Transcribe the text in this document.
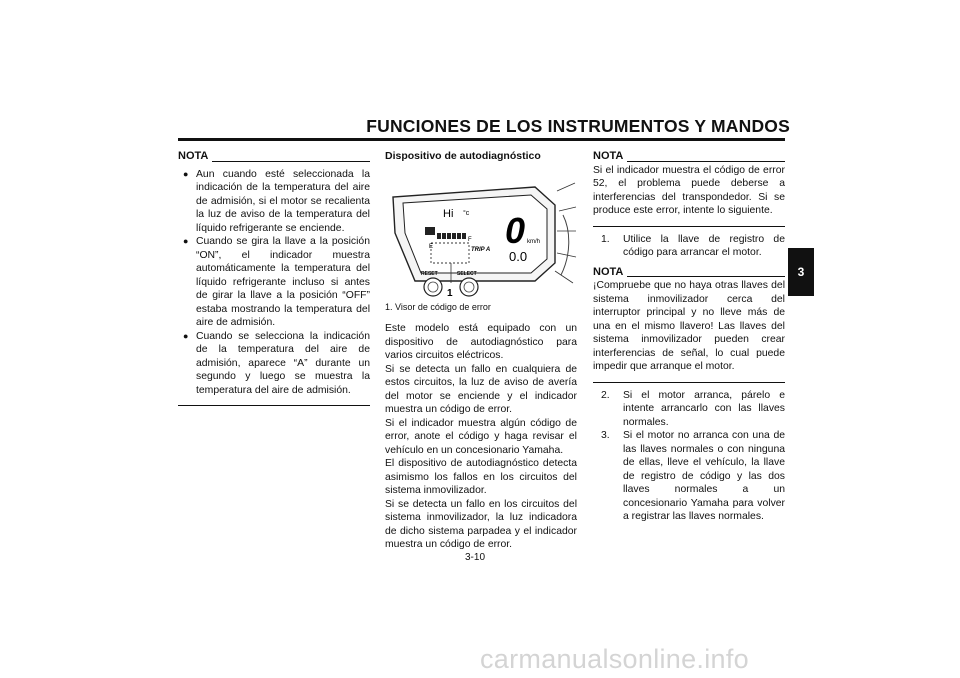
FUNCIONES DE LOS INSTRUMENTOS Y MANDOS
3
NOTA
● Aun cuando esté seleccionada la indicación de la temperatura del aire de admisión, si el motor se recalienta la luz de aviso de la temperatura del líquido refrigerante se enciende.
● Cuando se gira la llave a la posición “ON”, el indicador muestra automáticamente la temperatura del líquido refrigerante incluso si antes de girar la llave a la posición “OFF” estaba mostrando la temperatura del aire de admisión.
● Cuando se selecciona la indicación de la temperatura del aire de admisión, aparece “A” durante un segundo y luego se muestra la temperatura del aire de admisión.
Dispositivo de autodiagnóstico
Hi °c 0 km/h
TRIP A 0.0
E
F
RESET	SELECT
1
1. Visor de código de error
Este modelo está equipado con un dispositivo de autodiagnóstico para varios circuitos eléctricos.
Si se detecta un fallo en cualquiera de estos circuitos, la luz de aviso de avería del motor se enciende y el indicador muestra un código de error.
Si el indicador muestra algún código de error, anote el código y haga revisar el vehículo en un concesionario Yamaha.
El dispositivo de autodiagnóstico detecta asimismo los fallos en los circuitos del sistema inmovilizador.
Si se detecta un fallo en los circuitos del sistema inmovilizador, la luz indicadora de dicho sistema parpadea y el indicador muestra un código de error.
NOTA
Si el indicador muestra el código de error 52, el problema puede deberse a interferencias del transpondedor. Si se produce este error, intente lo siguiente.
1.	Utilice la llave de registro de código para arrancar el motor.
NOTA
¡Compruebe que no haya otras llaves del sistema inmovilizador cerca del interruptor principal y no lleve más de una en el mismo llavero! Las llaves del sistema inmovilizador pueden crear interferencias de señal, lo cual puede impedir que arranque el motor.
2.	Si el motor arranca, párelo e intente arrancarlo con las llaves normales.
3.	Si el motor no arranca con una de las llaves normales o con ninguna de ellas, lleve el vehículo, la llave de registro de código y las dos llaves normales a un concesionario Yamaha para volver a registrar las llaves normales.
3-10
carmanualsonline.info
